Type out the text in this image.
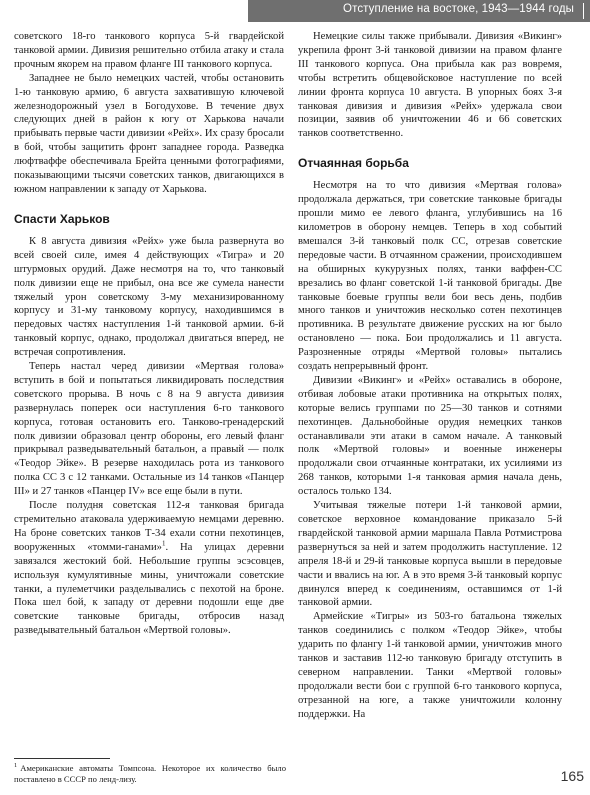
Отступление на востоке, 1943—1944 годы

советского 18-го танкового корпуса 5-й гвардейской танковой армии. Дивизия решительно отбила атаку и стала прочным якорем на правом фланге III танкового корпуса.

Западнее не было немецких частей, чтобы остановить 1-ю танковую армию, 6 августа захватившую ключевой железнодорожный узел в Богодухове. В течение двух следующих дней в район к югу от Харькова начали прибывать первые части дивизии «Рейх». Их сразу бросали в бой, чтобы защитить фронт западнее города. Разведка люфтваффе обеспечивала Брейта ценными фотографиями, показывающими тысячи советских танков, двигающихся в южном направлении к западу от Харькова.

Спасти Харьков

К 8 августа дивизия «Рейх» уже была развернута во всей своей силе, имея 4 действующих «Тигра» и 20 штурмовых орудий. Даже несмотря на то, что танковый полк дивизии еще не прибыл, она все же сумела нанести тяжелый урон советскому 3-му механизированному корпусу и 31-му танковому корпусу, находившимся в передовых частях наступления 1-й танковой армии. 6-й танковый корпус, однако, продолжал двигаться вперед, не встречая сопротивления.

Теперь настал черед дивизии «Мертвая голова» вступить в бой и попытаться ликвидировать последствия советского прорыва. В ночь с 8 на 9 августа дивизия развернулась поперек оси наступления 6-го танкового корпуса, готовая остановить его. Танково-гренадерский полк дивизии образовал центр обороны, его левый фланг прикрывал разведывательный батальон, а правый — полк «Теодор Эйке». В резерве находилась рота из танкового полка СС 3 с 12 танками. Остальные из 14 танков «Панцер III» и 27 танков «Панцер IV» все еще были в пути.

После полудня советская 112-я танковая бригада стремительно атаковала удерживаемую немцами деревню. На броне советских танков Т-34 ехали сотни пехотинцев, вооруженных «томми-ганами»$^1$. На улицах деревни завязался жестокий бой. Небольшие группы эсэсовцев, используя кумулятивные мины, уничтожали советские танки, а пулеметчики разделывались с пехотой на броне. Пока шел бой, к западу от деревни подошли еще две советские танковые бригады, отбросив назад разведывательный батальон «Мертвой головы».

Немецкие силы также прибывали. Дивизия «Викинг» укрепила фронт 3-й танковой дивизии на правом фланге III танкового корпуса. Она прибыла как раз вовремя, чтобы встретить общевойсковое наступление по всей линии фронта корпуса 10 августа. В упорных боях 3-я танковая дивизия и дивизия «Рейх» удержала свои позиции, заявив об уничтожении 46 и 66 советских танков соответственно.

Отчаянная борьба

Несмотря на то что дивизия «Мертвая голова» продолжала держаться, три советские танковые бригады прошли мимо ее левого фланга, углубившись на 16 километров в оборону немцев. Теперь в ход событий вмешался 3-й танковый полк СС, отрезав советские передовые части. В отчаянном сражении, происходившем на обширных кукурузных полях, танки ваффен-СС врезались во фланг советской 1-й танковой бригады. Две танковые боевые группы вели бои весь день, подбив много танков и уничтожив несколько сотен пехотинцев противника. В результате движение русских на юг было остановлено — пока. Бои продолжались и 11 августа. Разрозненные отряды «Мертвой головы» пытались создать непрерывный фронт.

Дивизии «Викинг» и «Рейх» оставались в обороне, отбивая лобовые атаки противника на открытых полях, которые велись группами по 25—30 танков и сотнями пехотинцев. Дальнобойные орудия немецких танков останавливали эти атаки в самом начале. А танковый полк «Мертвой головы» и военные инженеры продолжали свои отчаянные контратаки, их усилиями из 268 танков, которыми 1-я танковая армия начала день, осталось только 134.

Учитывая тяжелые потери 1-й танковой армии, советское верховное командование приказало 5-й гвардейской танковой армии маршала Павла Ротмистрова развернуться за ней и затем продолжить наступление. 12 апреля 18-й и 29-й танковые корпуса вышли в передовые части и ввались на юг. А в это время 3-й танковый корпус двинулся вперед к соединениям, оставшимся от 1-й танковой армии.

Армейские «Тигры» из 503-го батальона тяжелых танков соединились с полком «Теодор Эйке», чтобы ударить по флангу 1-й танковой армии, уничтожив много танков и заставив 112-ю танковую бригаду отступить в северном направлении. Танки «Мертвой головы» продолжали вести бои с группой 6-го танкового корпуса, отрезанной на юге, а также уничтожили колонну поддержки. На

$^1$ Американские автоматы Томпсона. Некоторое их количество было поставлено в СССР по ленд-лизу.	165
